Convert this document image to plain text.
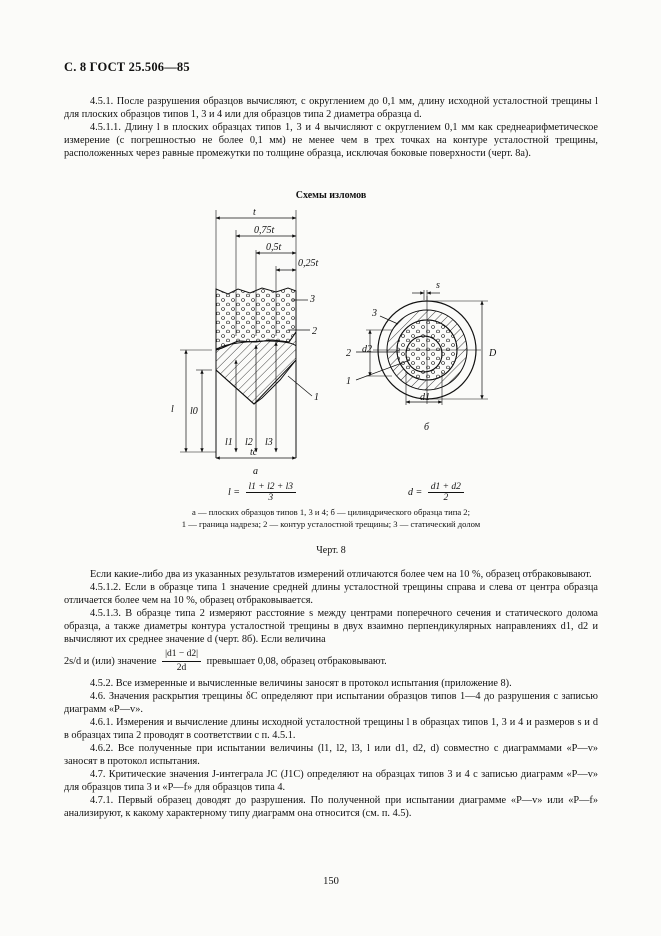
С. 8 ГОСТ 25.506—85

4.5.1. После разрушения образцов вычисляют, с округлением до 0,1 мм, длину исходной усталостной трещины l для плоских образцов типов 1, 3 и 4 или для образцов типа 2 диаметра образца d.

4.5.1.1. Длину l в плоских образцах типов 1, 3 и 4 вычисляют с округлением 0,1 мм как среднеарифметическое измерение (с погрешностью не более 0,1 мм) не менее чем в трех точках на контуре усталостной трещины, расположенных через равные промежутки по толщине образца, исключая боковые поверхности (черт. 8а).

Схемы изломов
t
0,75t
0,5t
0,25t
l l0
l1 l2 l3
tc
1
2
3
а
s
3
d2
2
1
D
d1
б
$l = \frac{l1 + l2 + l3}{3}$	$d = \frac{d1 + d2}{2}$
а — плоских образцов типов 1, 3 и 4; б — цилиндрического образца типа 2;
1 — граница надреза; 2 — контур усталостной трещины; 3 — статический долом
Черт. 8

Если какие-либо два из указанных результатов измерений отличаются более чем на 10 %, образец отбраковывают.

4.5.1.2. Если в образце типа 1 значение средней длины усталостной трещины справа и слева от центра образца отличается более чем на 10 %, образец отбраковывается.

4.5.1.3. В образце типа 2 измеряют расстояние s между центрами поперечного сечения и статического долома образца, а также диаметры контура усталостной трещины в двух взаимно перпендикулярных направлениях d1, d2 и вычисляют их среднее значение d (черт. 8б). Если величина

2s/d и (или) значение $\frac{|d1 - d2|}{2d}$ превышает 0,08, образец отбраковывают.

4.5.2. Все измеренные и вычисленные величины заносят в протокол испытания (приложение 8).

4.6. Значения раскрытия трещины δC определяют при испытании образцов типов 1—4 до разрушения с записью диаграмм «P—v».

4.6.1. Измерения и вычисление длины исходной усталостной трещины l в образцах типов 1, 3 и 4 и размеров s и d в образцах типа 2 проводят в соответствии с п. 4.5.1.

4.6.2. Все полученные при испытании величины (l1, l2, l3, l или d1, d2, d) совместно с диаграммами «P—v» заносят в протокол испытания.

4.7. Критические значения J-интеграла JC (J1C) определяют на образцах типов 3 и 4 с записью диаграмм «P—v» для образцов типа 3 и «P—f» для образцов типа 4.

4.7.1. Первый образец доводят до разрушения. По полученной при испытании диаграмме «P—v» или «P—f» анализируют, к какому характерному типу диаграмм она относится (см. п. 4.5).

150
